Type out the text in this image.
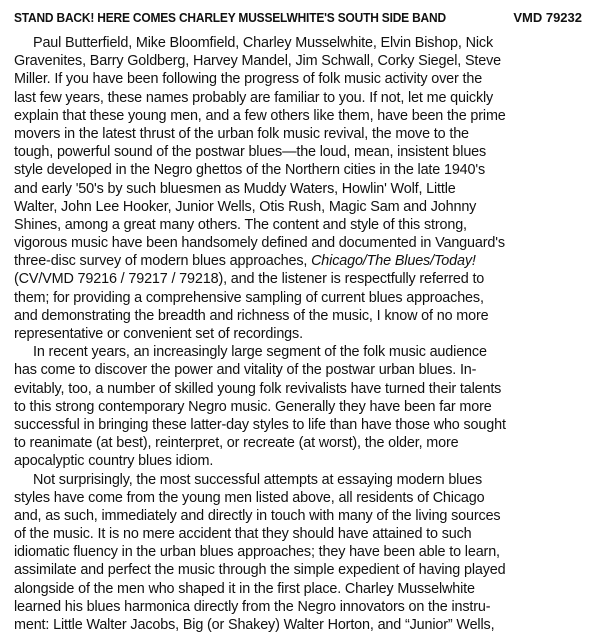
STAND BACK! HERE COMES CHARLEY MUSSELWHITE'S SOUTH SIDE BAND	VMD 79232
Paul Butterfield, Mike Bloomfield, Charley Musselwhite, Elvin Bishop, Nick
Gravenites, Barry Goldberg, Harvey Mandel, Jim Schwall, Corky Siegel, Steve
Miller. If you have been following the progress of folk music activity over the
last few years, these names probably are familiar to you. If not, let me quickly
explain that these young men, and a few others like them, have been the prime
movers in the latest thrust of the urban folk music revival, the move to the
tough, powerful sound of the postwar blues—the loud, mean, insistent blues
style developed in the Negro ghettos of the Northern cities in the late 1940's
and early '50's by such bluesmen as Muddy Waters, Howlin' Wolf, Little
Walter, John Lee Hooker, Junior Wells, Otis Rush, Magic Sam and Johnny
Shines, among a great many others. The content and style of this strong,
vigorous music have been handsomely defined and documented in Vanguard's
three-disc survey of modern blues approaches, Chicago/The Blues/Today!
(CV/VMD 79216 / 79217 / 79218), and the listener is respectfully referred to
them; for providing a comprehensive sampling of current blues approaches,
and demonstrating the breadth and richness of the music, I know of no more
representative or convenient set of recordings.
In recent years, an increasingly large segment of the folk music audience
has come to discover the power and vitality of the postwar urban blues. In-
evitably, too, a number of skilled young folk revivalists have turned their talents
to this strong contemporary Negro music. Generally they have been far more
successful in bringing these latter-day styles to life than have those who sought
to reanimate (at best), reinterpret, or recreate (at worst), the older, more
apocalyptic country blues idiom.
Not surprisingly, the most successful attempts at essaying modern blues
styles have come from the young men listed above, all residents of Chicago
and, as such, immediately and directly in touch with many of the living sources
of the music. It is no mere accident that they should have attained to such
idiomatic fluency in the urban blues approaches; they have been able to learn,
assimilate and perfect the music through the simple expedient of having played
alongside of the men who shaped it in the first place. Charley Musselwhite
learned his blues harmonica directly from the Negro innovators on the instru-
ment: Little Walter Jacobs, Big (or Shakey) Walter Horton, and “Junior” Wells,
